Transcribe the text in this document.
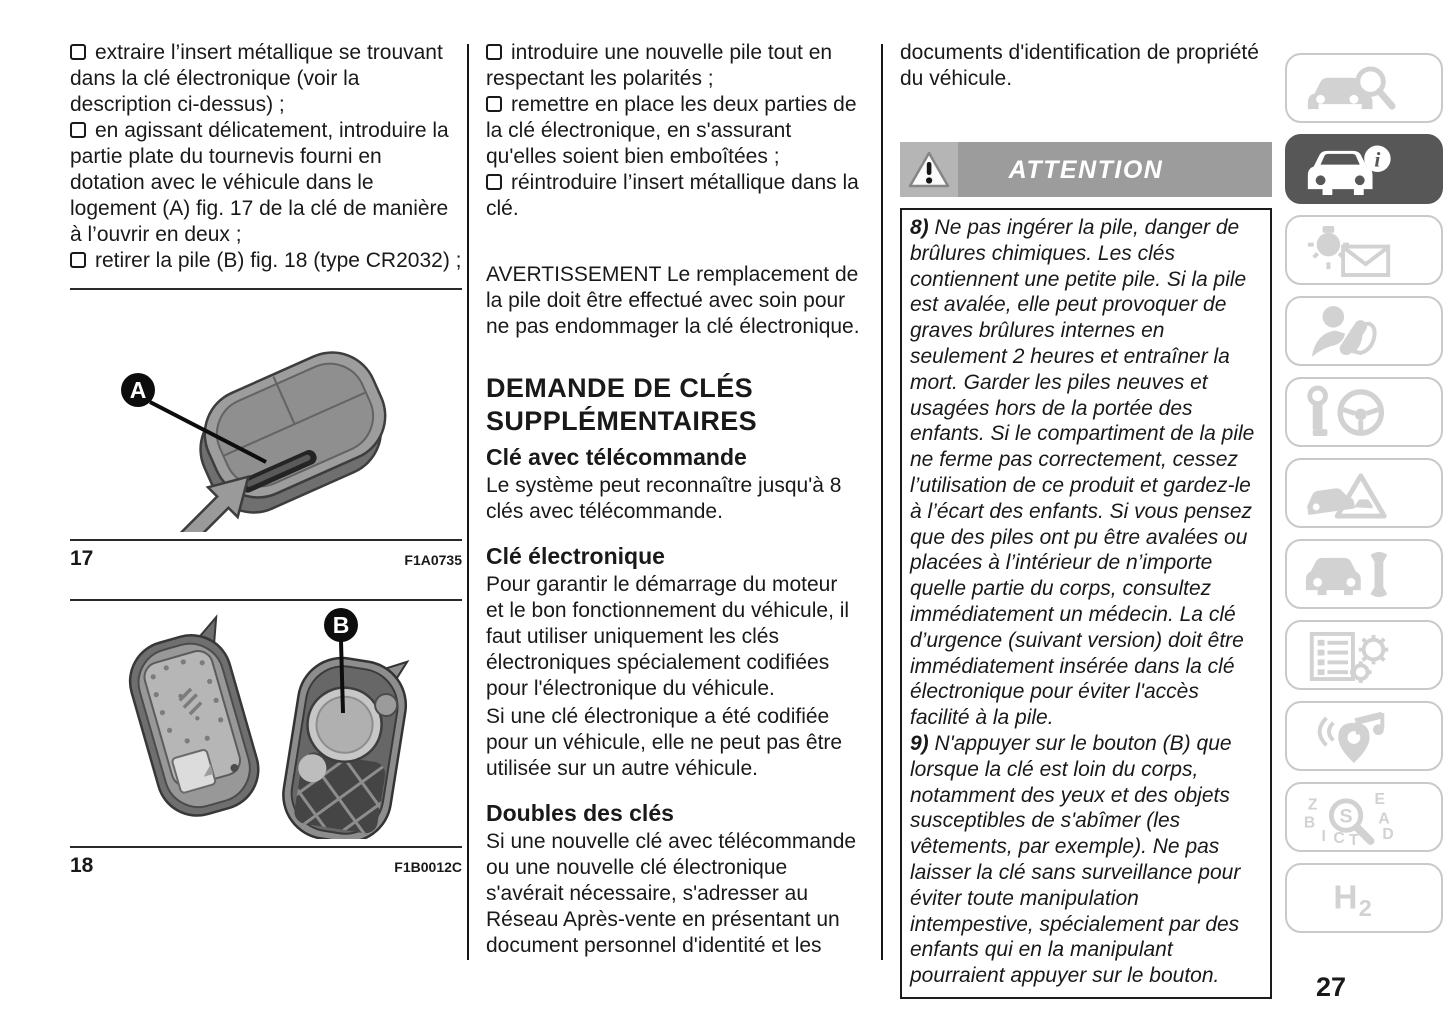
extraire l’insert métallique se trouvant dans la clé électronique (voir la description ci-dessus) ;

en agissant délicatement, introduire la partie plate du tournevis fourni en dotation avec le véhicule dans le logement (A) fig. 17 de la clé de manière à l’ouvrir en deux ;

retirer la pile (B) fig. 18 (type CR2032) ;

A
17	F1A0735
B
18	F1B0012C

introduire une nouvelle pile tout en respectant les polarités ;

remettre en place les deux parties de la clé électronique, en s'assurant qu'elles soient bien emboîtées ;

réintroduire l’insert métallique dans la clé.

AVERTISSEMENT Le remplacement de la pile doit être effectué avec soin pour ne pas endommager la clé électronique.

DEMANDE DE CLÉS SUPPLÉMENTAIRES
Clé avec télécommande

Le système peut reconnaître jusqu'à 8 clés avec télécommande.

Clé électronique

Pour garantir le démarrage du moteur et le bon fonctionnement du véhicule, il faut utiliser uniquement les clés électroniques spécialement codifiées pour l'électronique du véhicule.

Si une clé électronique a été codifiée pour un véhicule, elle ne peut pas être utilisée sur un autre véhicule.

Doubles des clés

Si une nouvelle clé avec télécommande ou une nouvelle clé électronique s'avérait nécessaire, s'adresser au Réseau Après-vente en présentant un document personnel d'identité et les

documents d'identification de propriété du véhicule.

ATTENTION

8) Ne pas ingérer la pile, danger de brûlures chimiques. Les clés contiennent une petite pile. Si la pile est avalée, elle peut provoquer de graves brûlures internes en seulement 2 heures et entraîner la mort. Garder les piles neuves et usagées hors de la portée des enfants. Si le compartiment de la pile ne ferme pas correctement, cessez l’utilisation de ce produit et gardez-le à l’écart des enfants. Si vous pensez que des piles ont pu être avalées ou placées à l’intérieur de n’importe quelle partie du corps, consultez immédiatement un médecin. La clé d’urgence (suivant version) doit être immédiatement insérée dans la clé électronique pour éviter l'accès facilité à la pile.

9) N'appuyer sur le bouton (B) que lorsque la clé est loin du corps, notamment des yeux et des objets susceptibles de s'abîmer (les vêtements, par exemple). Ne pas laisser la clé sans surveillance pour éviter toute manipulation intempestive, spécialement par des enfants qui en la manipulant pourraient appuyer sur le bouton.

i
Z	E
B	A
I C T D
S
H 2
27
